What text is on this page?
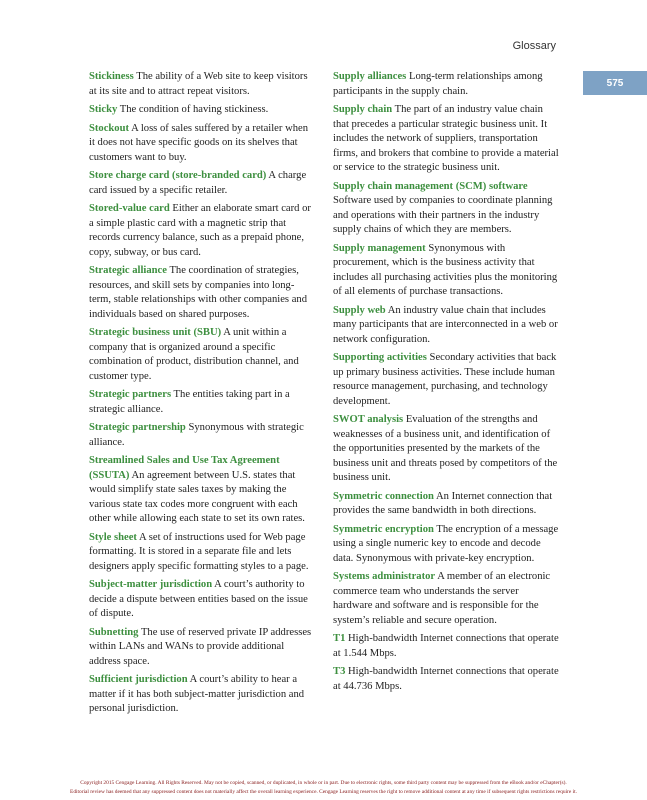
Glossary
575

Stickiness The ability of a Web site to keep visitors at its site and to attract repeat visitors.

Sticky The condition of having stickiness.

Stockout A loss of sales suffered by a retailer when it does not have specific goods on its shelves that customers want to buy.

Store charge card (store-branded card) A charge card issued by a specific retailer.

Stored-value card Either an elaborate smart card or a simple plastic card with a magnetic strip that records currency balance, such as a prepaid phone, copy, subway, or bus card.

Strategic alliance The coordination of strategies, resources, and skill sets by companies into long-term, stable relationships with other companies and individuals based on shared purposes.

Strategic business unit (SBU) A unit within a company that is organized around a specific combination of product, distribution channel, and customer type.

Strategic partners The entities taking part in a strategic alliance.

Strategic partnership Synonymous with strategic alliance.

Streamlined Sales and Use Tax Agreement (SSUTA) An agreement between U.S. states that would simplify state sales taxes by making the various state tax codes more congruent with each other while allowing each state to set its own rates.

Style sheet A set of instructions used for Web page formatting. It is stored in a separate file and lets designers apply specific formatting styles to a page.

Subject-matter jurisdiction A court’s authority to decide a dispute between entities based on the issue of dispute.

Subnetting The use of reserved private IP addresses within LANs and WANs to provide additional address space.

Sufficient jurisdiction A court’s ability to hear a matter if it has both subject-matter jurisdiction and personal jurisdiction.

Supply alliances Long-term relationships among participants in the supply chain.

Supply chain The part of an industry value chain that precedes a particular strategic business unit. It includes the network of suppliers, transportation firms, and brokers that combine to provide a material or service to the strategic business unit.

Supply chain management (SCM) software Software used by companies to coordinate planning and operations with their partners in the industry supply chains of which they are members.

Supply management Synonymous with procurement, which is the business activity that includes all purchasing activities plus the monitoring of all elements of purchase transactions.

Supply web An industry value chain that includes many participants that are interconnected in a web or network configuration.

Supporting activities Secondary activities that back up primary business activities. These include human resource management, purchasing, and technology development.

SWOT analysis Evaluation of the strengths and weaknesses of a business unit, and identification of the opportunities presented by the markets of the business unit and threats posed by competitors of the business unit.

Symmetric connection An Internet connection that provides the same bandwidth in both directions.

Symmetric encryption The encryption of a message using a single numeric key to encode and decode data. Synonymous with private-key encryption.

Systems administrator A member of an electronic commerce team who understands the server hardware and software and is responsible for the system’s reliable and secure operation.

T1 High-bandwidth Internet connections that operate at 1.544 Mbps.

T3 High-bandwidth Internet connections that operate at 44.736 Mbps.

Copyright 2015 Cengage Learning. All Rights Reserved. May not be copied, scanned, or duplicated, in whole or in part. Due to electronic rights, some third party content may be suppressed from the eBook and/or eChapter(s).
Editorial review has deemed that any suppressed content does not materially affect the overall learning experience. Cengage Learning reserves the right to remove additional content at any time if subsequent rights restrictions require it.
